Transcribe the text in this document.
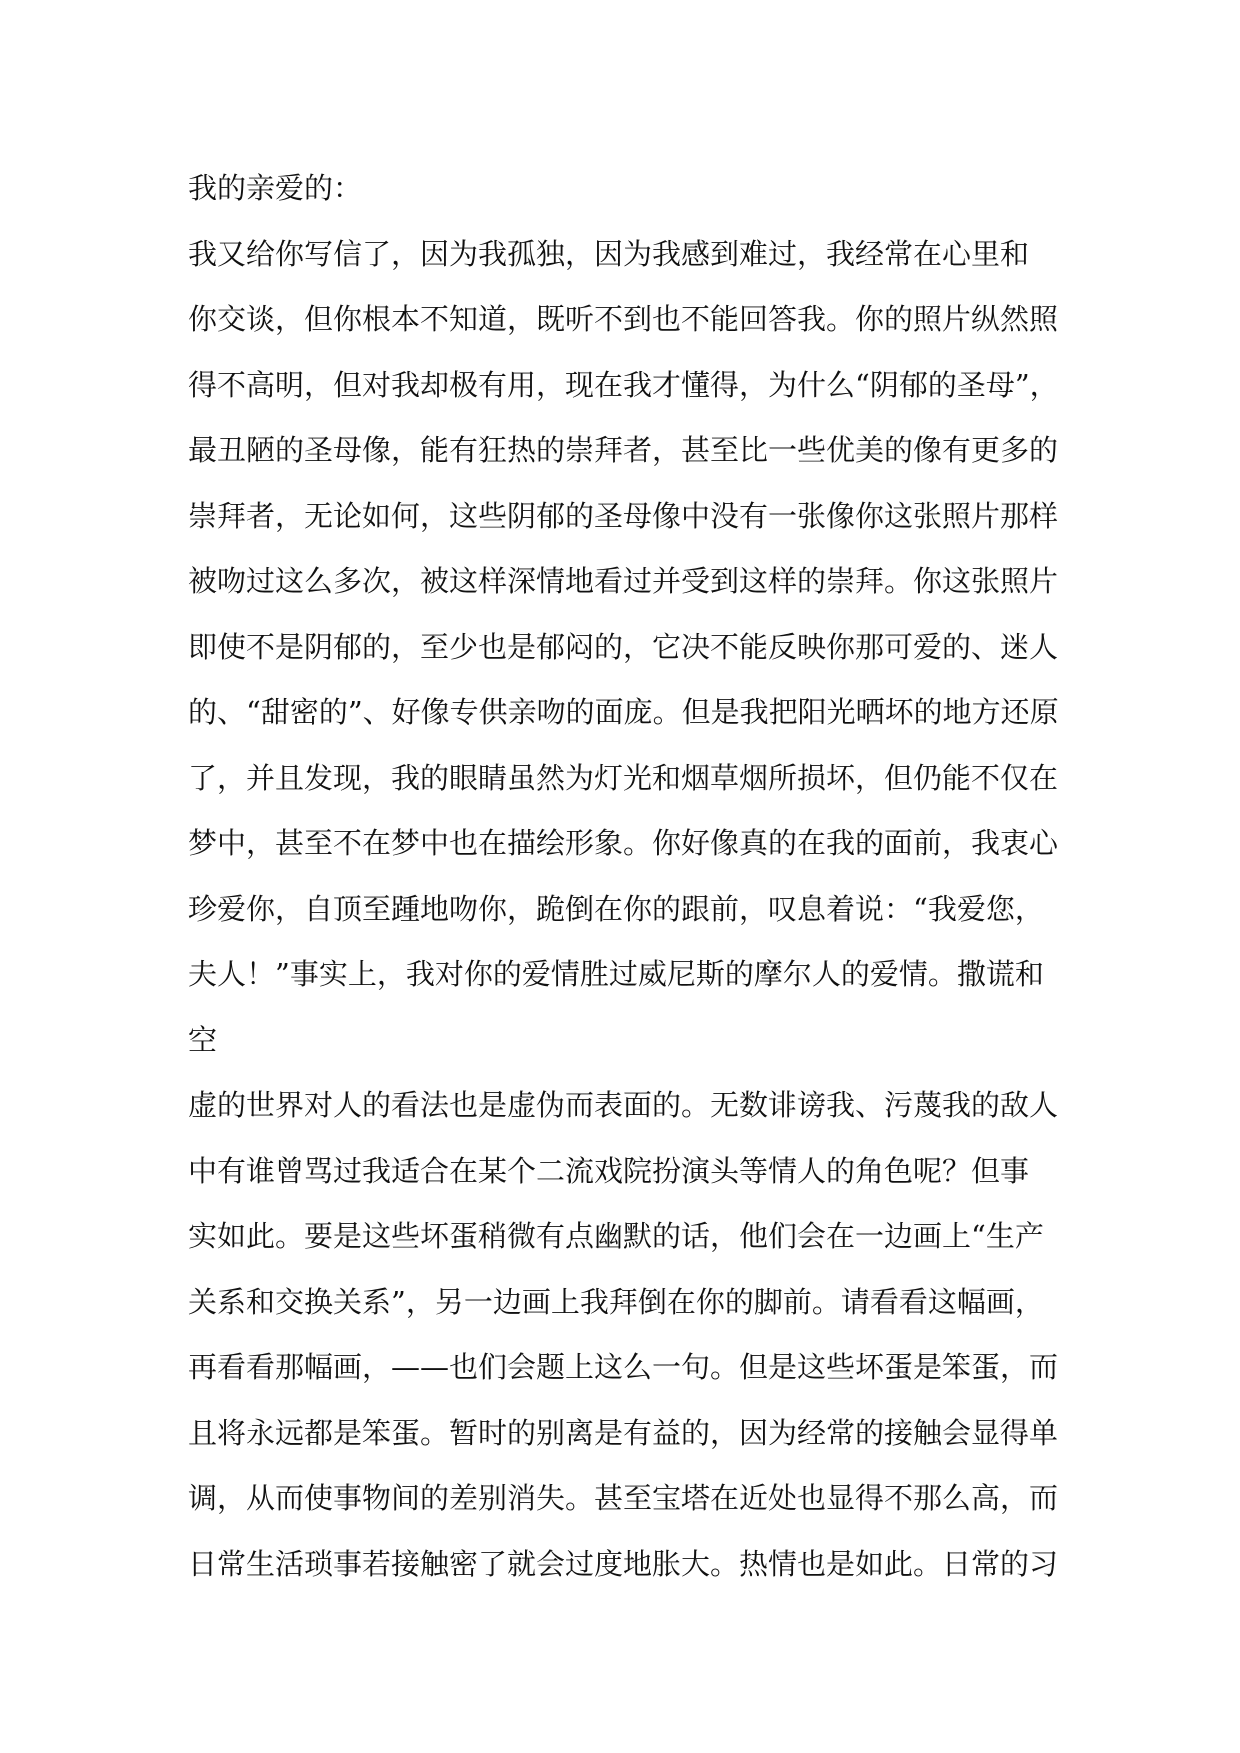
我的亲爱的：
我又给你写信了，因为我孤独，因为我感到难过，我经常在心里和
你交谈，但你根本不知道，既听不到也不能回答我。你的照片纵然照
得不高明，但对我却极有用，现在我才懂得，为什么“阴郁的圣母”，
最丑陋的圣母像，能有狂热的崇拜者，甚至比一些优美的像有更多的
崇拜者，无论如何，这些阴郁的圣母像中没有一张像你这张照片那样
被吻过这么多次，被这样深情地看过并受到这样的崇拜。你这张照片
即使不是阴郁的，至少也是郁闷的，它决不能反映你那可爱的、迷人
的、“甜密的”、好像专供亲吻的面庞。但是我把阳光晒坏的地方还原
了，并且发现，我的眼睛虽然为灯光和烟草烟所损坏，但仍能不仅在
梦中，甚至不在梦中也在描绘形象。你好像真的在我的面前，我衷心
珍爱你，自顶至踵地吻你，跪倒在你的跟前，叹息着说：“我爱您，
夫人！”事实上，我对你的爱情胜过威尼斯的摩尔人的爱情。撒谎和
空
虚的世界对人的看法也是虚伪而表面的。无数诽谤我、污蔑我的敌人
中有谁曾骂过我适合在某个二流戏院扮演头等情人的角色呢？但事
实如此。要是这些坏蛋稍微有点幽默的话，他们会在一边画上“生产
关系和交换关系”，另一边画上我拜倒在你的脚前。请看看这幅画，
再看看那幅画，——也们会题上这么一句。但是这些坏蛋是笨蛋，而
且将永远都是笨蛋。暂时的别离是有益的，因为经常的接触会显得单
调，从而使事物间的差别消失。甚至宝塔在近处也显得不那么高，而
日常生活琐事若接触密了就会过度地胀大。热情也是如此。日常的习
